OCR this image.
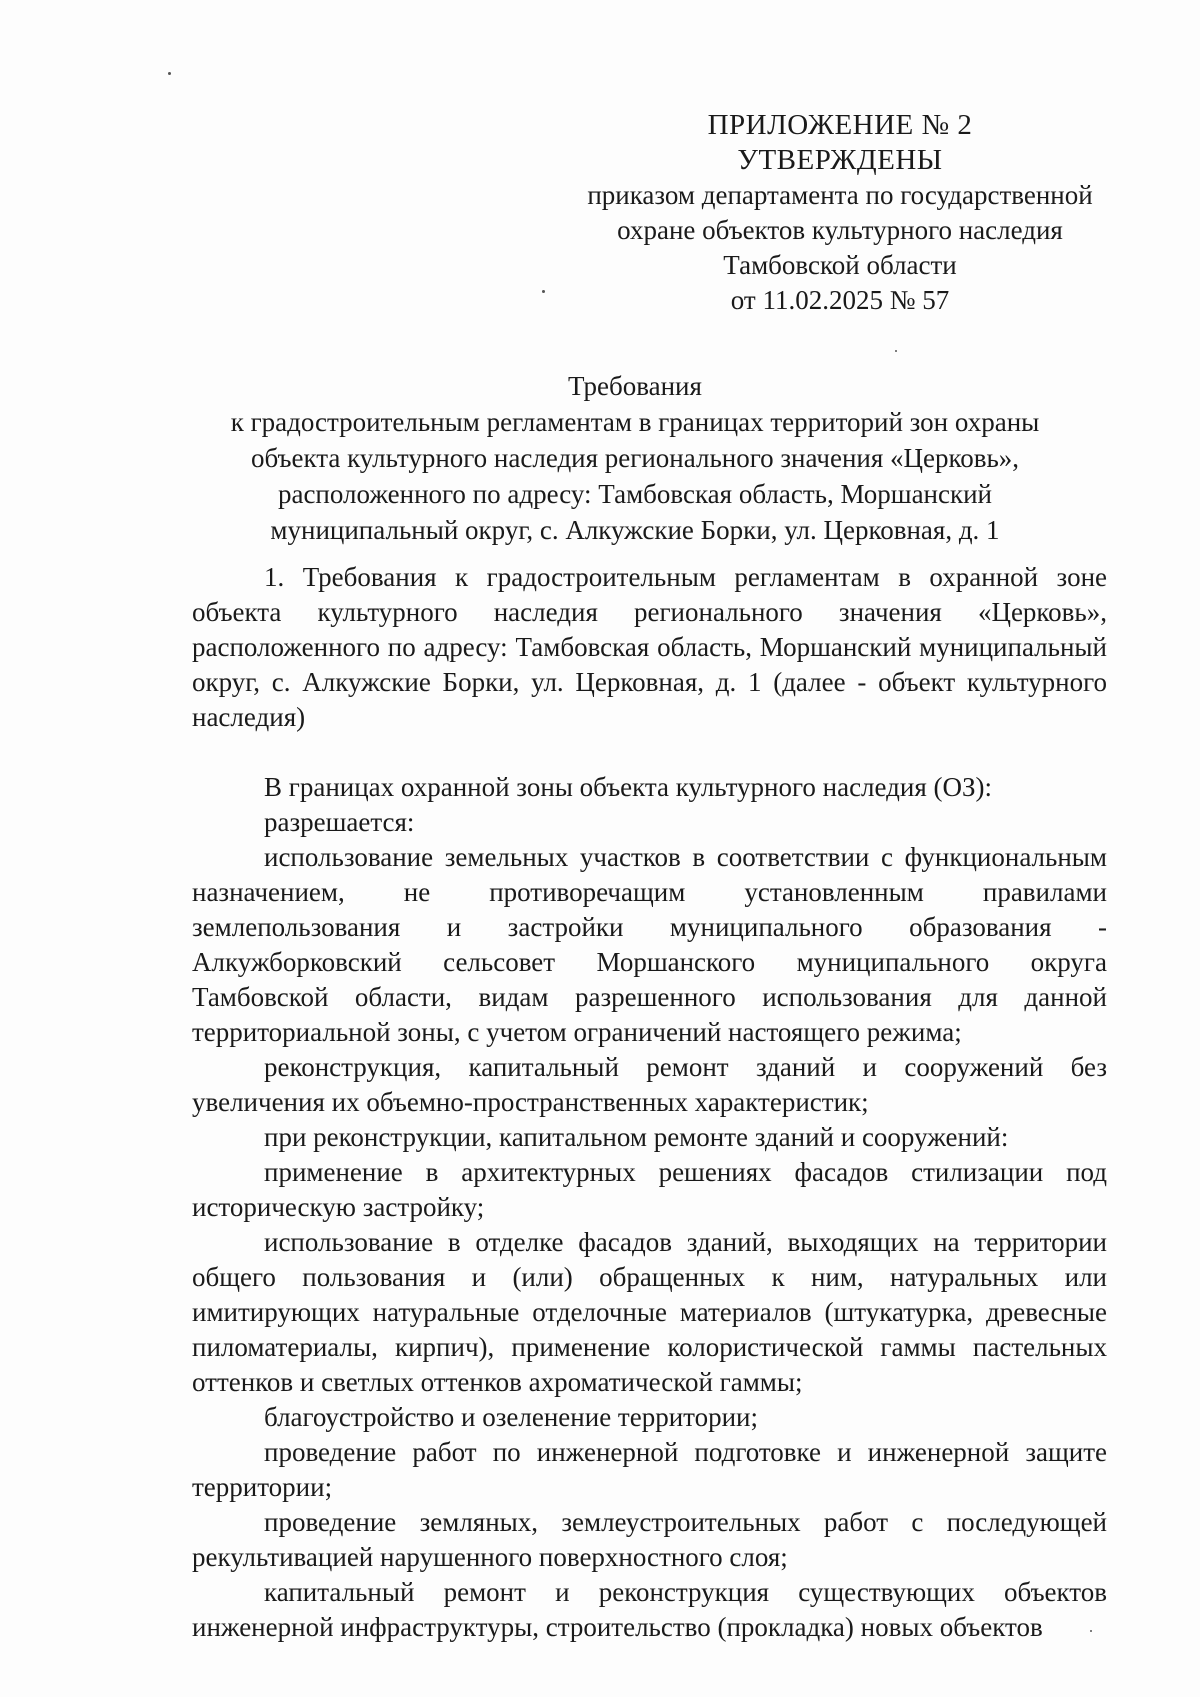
ПРИЛОЖЕНИЕ № 2
УТВЕРЖДЕНЫ
приказом департамента по государственной
охране объектов культурного наследия
Тамбовской области
от 11.02.2025 № 57
Требования
к градостроительным регламентам в границах территорий зон охраны
объекта культурного наследия регионального значения «Церковь»,
расположенного по адресу: Тамбовская область, Моршанский
муниципальный округ, с. Алкужские Борки, ул. Церковная, д. 1

1. Требования к градостроительным регламентам в охранной зоне объекта культурного наследия регионального значения «Церковь», расположенного по адресу: Тамбовская область, Моршанский муниципальный округ, с. Алкужские Борки, ул. Церковная, д. 1 (далее - объект культурного наследия)

В границах охранной зоны объекта культурного наследия (ОЗ):

разрешается:

использование земельных участков в соответствии с функциональным назначением, не противоречащим установленным правилами землепользования и застройки муниципального образования - Алкужборковский сельсовет Моршанского муниципального округа Тамбовской области, видам разрешенного использования для данной территориальной зоны, с учетом ограничений настоящего режима;

реконструкция, капитальный ремонт зданий и сооружений без увеличения их объемно-пространственных характеристик;

при реконструкции, капитальном ремонте зданий и сооружений:

применение в архитектурных решениях фасадов стилизации под историческую застройку;

использование в отделке фасадов зданий, выходящих на территории общего пользования и (или) обращенных к ним, натуральных или имитирующих натуральные отделочные материалов (штукатурка, древесные пиломатериалы, кирпич), применение колористической гаммы пастельных оттенков и светлых оттенков ахроматической гаммы;

благоустройство и озеленение территории;

проведение работ по инженерной подготовке и инженерной защите территории;

проведение земляных, землеустроительных работ с последующей рекультивацией нарушенного поверхностного слоя;

капитальный ремонт и реконструкция существующих объектов инженерной инфраструктуры, строительство (прокладка) новых объектов
